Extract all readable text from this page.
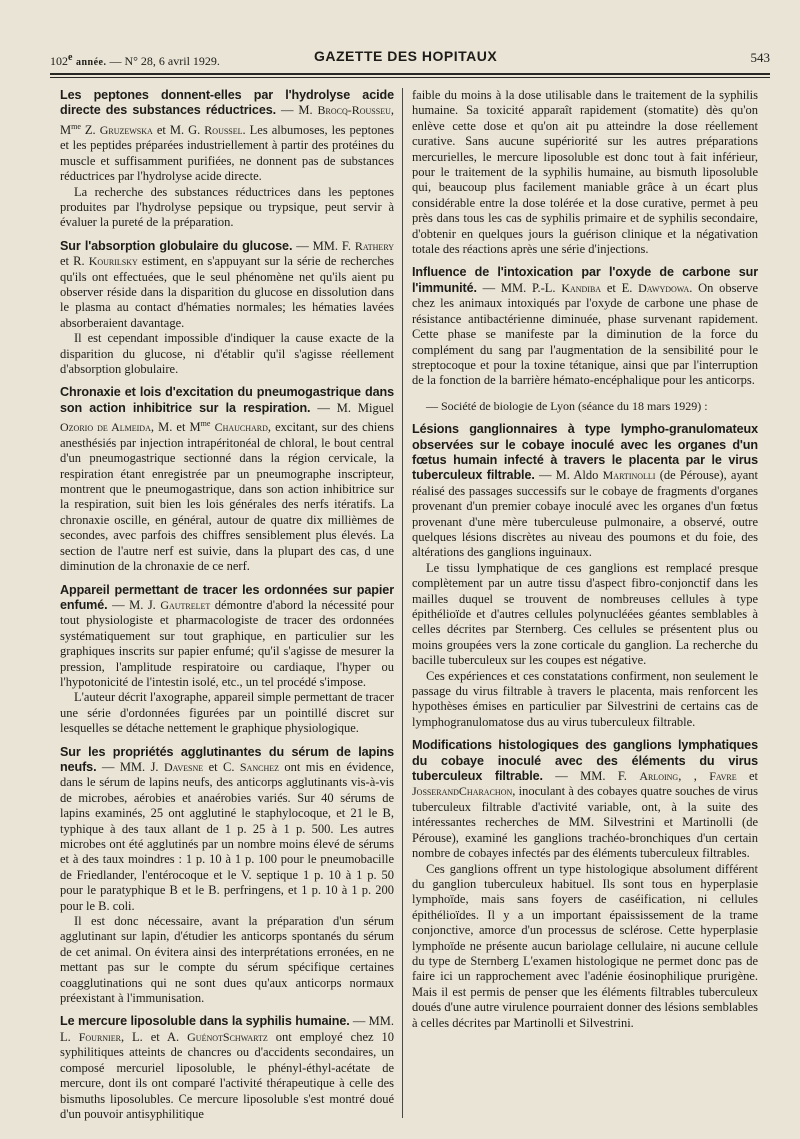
102e année. — N° 28, 6 avril 1929.	GAZETTE DES HOPITAUX	543

Les peptones donnent-elles par l'hydrolyse acide directe des substances réductrices. — M. Brocq-Rousseu, $M^{me}$ Z. Gruzewska et M. G. Roussel. Les albumoses, les peptones et les peptides préparées industriellement à partir des protéines du muscle et suffisamment purifiées, ne donnent pas de substances réductrices par l'hydrolyse acide directe.

La recherche des substances réductrices dans les peptones produites par l'hydrolyse pepsique ou trypsique, peut servir à évaluer la pureté de la préparation.

Sur l'absorption globulaire du glucose. — MM. F. Rathery et R. Kourilsky estiment, en s'appuyant sur la série de recherches qu'ils ont effectuées, que le seul phénomène net qu'ils aient pu observer réside dans la disparition du glucose en dissolution dans le plasma au contact d'hématies normales; les hématies lavées absorberaient davantage.

Il est cependant impossible d'indiquer la cause exacte de la disparition du glucose, ni d'établir qu'il s'agisse réellement d'absorption globulaire.

Chronaxie et lois d'excitation du pneumogastrique dans son action inhibitrice sur la respiration. — M. Miguel Ozorio de Almeida, M. et $M^{me}$ Chauchard, excitant, sur des chiens anesthésiés par injection intrapéritonéal de chloral, le bout central d'un pneumogastrique sectionné dans la région cervicale, la respiration étant enregistrée par un pneumographe inscripteur, montrent que le pneumogastrique, dans son action inhibitrice sur la respiration, suit bien les lois générales des nerfs itératifs. La chronaxie oscille, en général, autour de quatre dix millièmes de secondes, avec parfois des chiffres sensiblement plus élevés. La section de l'autre nerf est suivie, dans la plupart des cas, d une diminution de la chronaxie de ce nerf.

Appareil permettant de tracer les ordonnées sur papier enfumé. — M. J. Gautrelet démontre d'abord la nécessité pour tout physiologiste et pharmacologiste de tracer des ordonnées systématiquement sur tout graphique, en particulier sur les graphiques inscrits sur papier enfumé; qu'il s'agisse de mesurer la pression, l'amplitude respiratoire ou cardiaque, l'hyper ou l'hypotonicité de l'intestin isolé, etc., un tel procédé s'impose.

L'auteur décrit l'axographe, appareil simple permettant de tracer une série d'ordonnées figurées par un pointillé discret sur lesquelles se détache nettement le graphique physiologique.

Sur les propriétés agglutinantes du sérum de lapins neufs. — MM. J. Davesne et C. Sanchez ont mis en évidence, dans le sérum de lapins neufs, des anticorps agglutinants vis-à-vis de microbes, aérobies et anaérobies variés. Sur 40 sérums de lapins examinés, 25 ont agglutiné le staphylocoque, et 21 le B, typhique à des taux allant de 1 p. 25 à 1 p. 500. Les autres microbes ont été agglutinés par un nombre moins élevé de sérums et à des taux moindres : 1 p. 10 à 1 p. 100 pour le pneumobacille de Friedlander, l'entérocoque et le V. septique 1 p. 10 à 1 p. 50 pour le paratyphique B et le B. perfringens, et 1 p. 10 à 1 p. 200 pour le B. coli.

Il est donc nécessaire, avant la préparation d'un sérum agglutinant sur lapin, d'étudier les anticorps spontanés du sérum de cet animal. On évitera ainsi des interprétations erronées, en ne mettant pas sur le compte du sérum spécifique certaines coagglutinations qui ne sont dues qu'aux anticorps normaux préexistant à l'immunisation.

Le mercure liposoluble dans la syphilis humaine. — MM. L. Fournier, L. et A. GuénotSchwartz ont employé chez 10 syphilitiques atteints de chancres ou d'accidents secondaires, un composé mercuriel liposoluble, le phényl-éthyl-acétate de mercure, dont ils ont comparé l'activité thérapeutique à celle des bismuths liposolubles. Ce mercure liposoluble s'est montré doué d'un pouvoir antisyphilitique

faible du moins à la dose utilisable dans le traitement de la syphilis humaine. Sa toxicité apparaît rapidement (stomatite) dès qu'on enlève cette dose et qu'on ait pu atteindre la dose réellement curative. Sans aucune supériorité sur les autres préparations mercurielles, le mercure liposoluble est donc tout à fait inférieur, pour le traitement de la syphilis humaine, au bismuth liposoluble qui, beaucoup plus facilement maniable grâce à un écart plus considérable entre la dose tolérée et la dose curative, permet à peu près dans tous les cas de syphilis primaire et de syphilis secondaire, d'obtenir en quelques jours la guérison clinique et la négativation totale des réactions après une série d'injections.

Influence de l'intoxication par l'oxyde de carbone sur l'immunité. — MM. P.-L. Kandiba et E. Dawydowa. On observe chez les animaux intoxiqués par l'oxyde de carbone une phase de résistance antibactérienne diminuée, phase survenant rapidement. Cette phase se manifeste par la diminution de la force du complément du sang par l'augmentation de la sensibilité pour le streptocoque et pour la toxine tétanique, ainsi que par l'interruption de la fonction de la barrière hémato-encéphalique pour les anticorps.

— Société de biologie de Lyon (séance du 18 mars 1929) :

Lésions ganglionnaires à type lympho-granulomateux observées sur le cobaye inoculé avec les organes d'un fœtus humain infecté à travers le placenta par le virus tuberculeux filtrable. — M. Aldo Martinolli (de Pérouse), ayant réalisé des passages successifs sur le cobaye de fragments d'organes provenant d'un premier cobaye inoculé avec les organes d'un fœtus provenant d'une mère tuberculeuse pulmonaire, a observé, outre quelques lésions discrètes au niveau des poumons et du foie, des altérations des ganglions inguinaux.

Le tissu lymphatique de ces ganglions est remplacé presque complètement par un autre tissu d'aspect fibro-conjonctif dans les mailles duquel se trouvent de nombreuses cellules à type épithélioïde et d'autres cellules polynucléées géantes semblables à celles décrites par Sternberg. Ces cellules se présentent plus ou moins groupées vers la zone corticale du ganglion. La recherche du bacille tuberculeux sur les coupes est négative.

Ces expériences et ces constatations confirment, non seulement le passage du virus filtrable à travers le placenta, mais renforcent les hypothèses émises en particulier par Silvestrini de certains cas de lymphogranulomatose dus au virus tuberculeux filtrable.

Modifications histologiques des ganglions lymphatiques du cobaye inoculé avec des éléments du virus tuberculeux filtrable. — MM. F. Arloing, , Favre et JosserandCharachon, inoculant à des cobayes quatre souches de virus tuberculeux filtrable d'activité variable, ont, à la suite des intéressantes recherches de MM. Silvestrini et Martinolli (de Pérouse), examiné les ganglions trachéo-bronchiques d'un certain nombre de cobayes infectés par des éléments tuberculeux filtrables.

Ces ganglions offrent un type histologique absolument différent du ganglion tuberculeux habituel. Ils sont tous en hyperplasie lymphoïde, mais sans foyers de caséification, ni cellules épithélioïdes. Il y a un important épaississement de la trame conjonctive, amorce d'un processus de sclérose. Cette hyperplasie lymphoïde ne présente aucun bariolage cellulaire, ni aucune cellule du type de Sternberg L'examen histologique ne permet donc pas de faire ici un rapprochement avec l'adénie éosinophilique prurigène. Mais il est permis de penser que les éléments filtrables tuberculeux doués d'une autre virulence pourraient donner des lésions semblables à celles décrites par Martinolli et Silvestrini.
